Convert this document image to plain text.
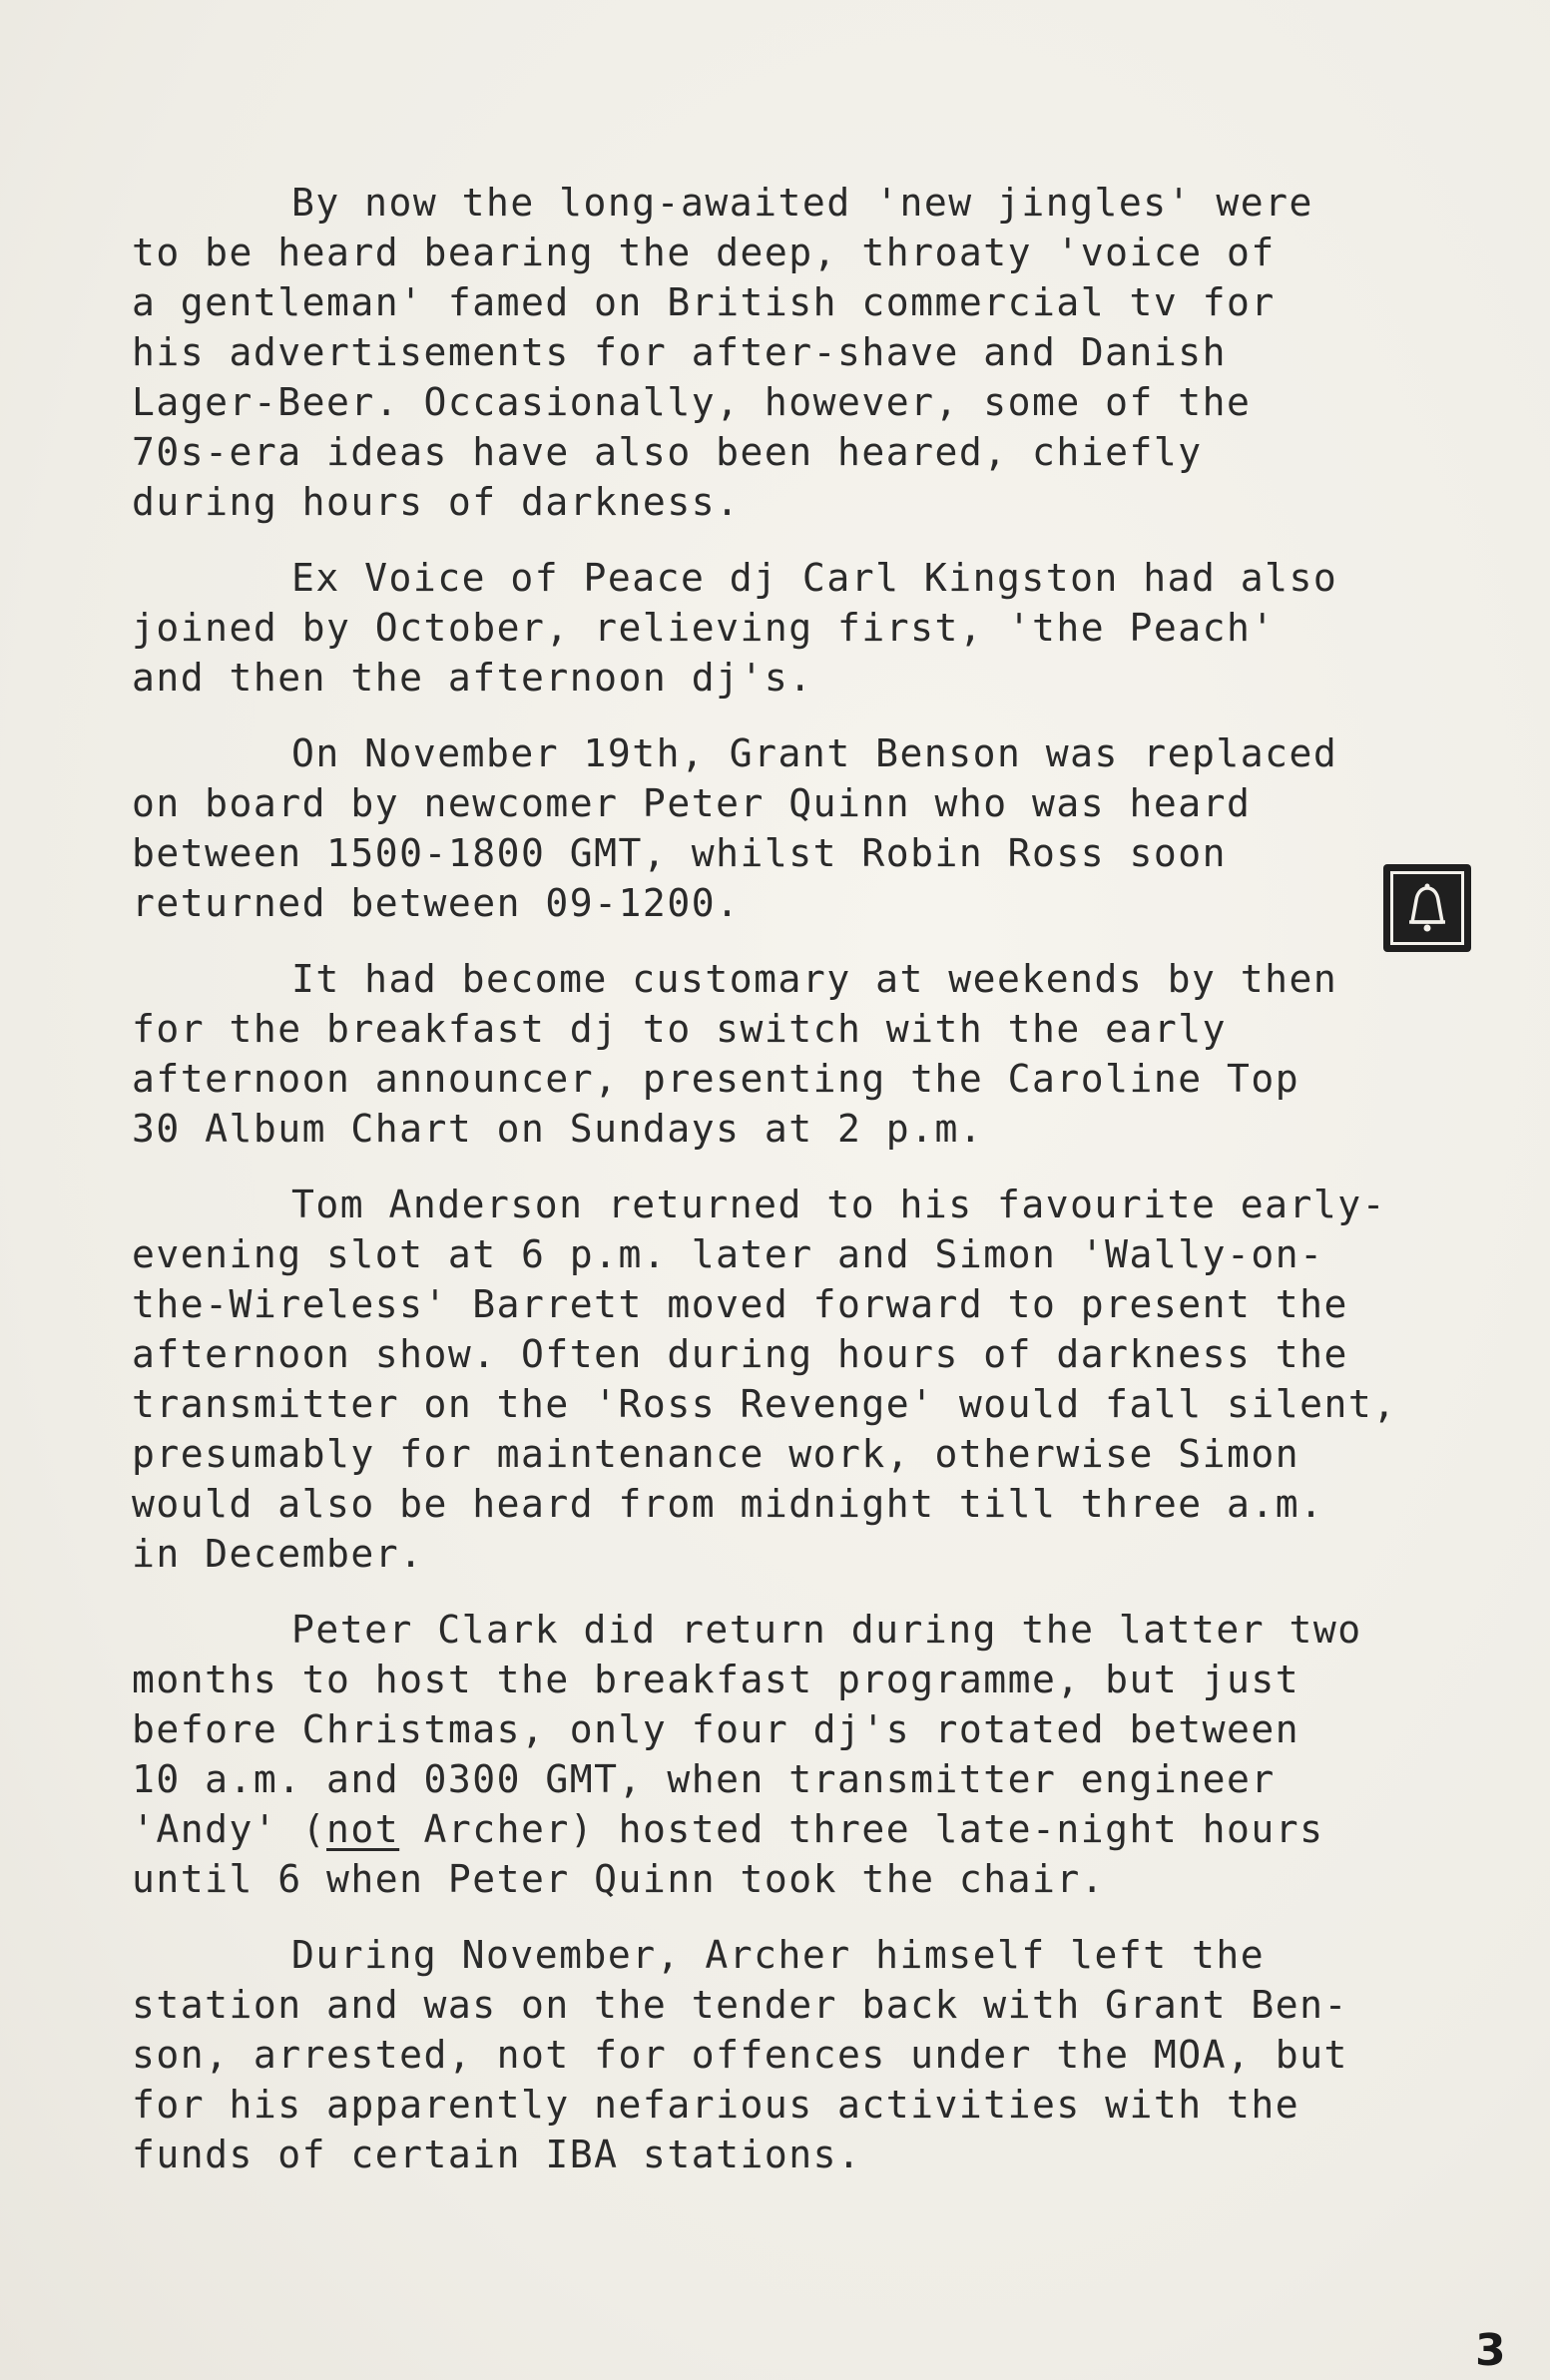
By now the long-awaited 'new jingles' were
to be heard bearing the deep, throaty 'voice of
a gentleman' famed on British commercial tv for
his advertisements for after-shave and Danish
Lager-Beer. Occasionally, however, some of the
70s-era ideas have also been heared, chiefly
during hours of darkness.
Ex Voice of Peace dj Carl Kingston had also
joined by October, relieving first, 'the Peach'
and then the afternoon dj's.
On November 19th, Grant Benson was replaced
on board by newcomer Peter Quinn who was heard
between 1500-1800 GMT, whilst Robin Ross soon
returned between 09-1200.
It had become customary at weekends by then
for the breakfast dj to switch with the early
afternoon announcer, presenting the Caroline Top
30 Album Chart on Sundays at 2 p.m.
Tom Anderson returned to his favourite early-
evening slot at 6 p.m. later and Simon 'Wally-on-
the-Wireless' Barrett moved forward to present the
afternoon show. Often during hours of darkness the
transmitter on the 'Ross Revenge' would fall silent,
presumably for maintenance work, otherwise Simon
would also be heard from midnight till three a.m.
in December.
Peter Clark did return during the latter two
months to host the breakfast programme, but just
before Christmas, only four dj's rotated between
10 a.m. and 0300 GMT, when transmitter engineer
'Andy' (not Archer) hosted three late-night hours
until 6 when Peter Quinn took the chair.
During November, Archer himself left the
station and was on the tender back with Grant Ben-
son, arrested, not for offences under the MOA, but
for his apparently nefarious activities with the
funds of certain IBA stations.
3
